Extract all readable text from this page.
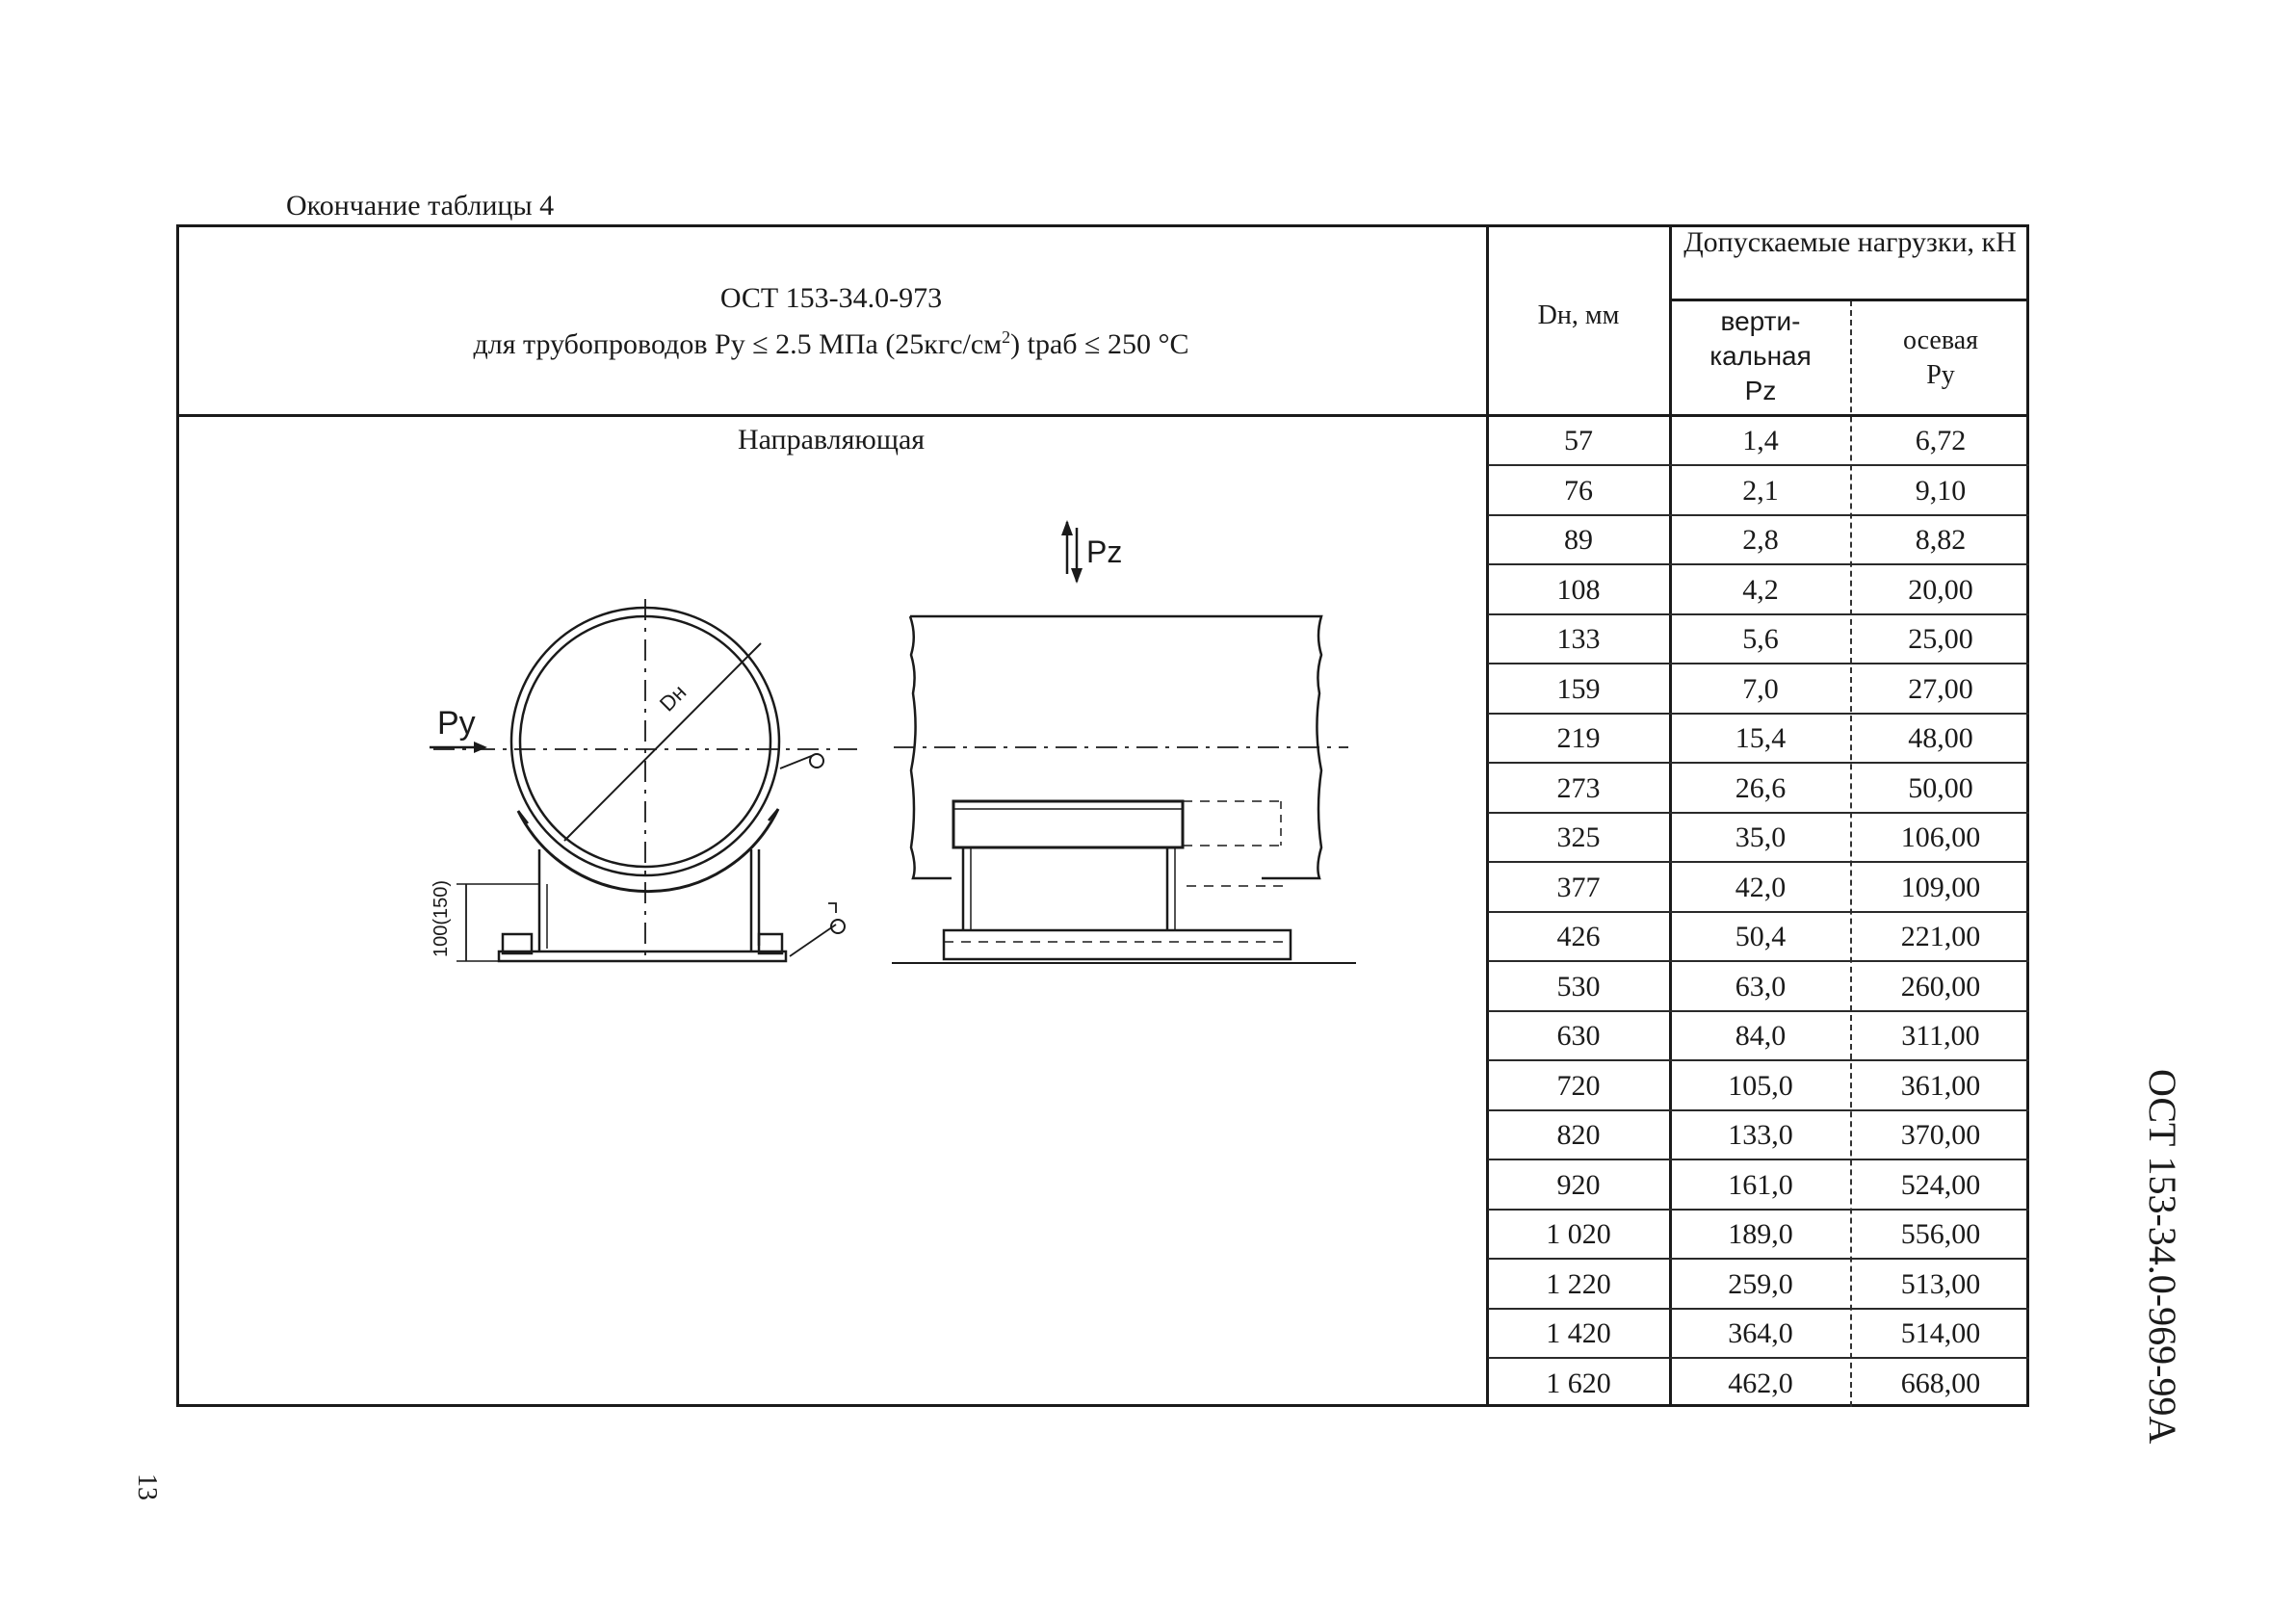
Окончание таблицы 4
ОСТ 153-34.0-973
для трубопроводов Py ≤ 2.5 МПа $(25кгс/см^2)$ tраб ≤ 250 °С
Dн, мм
Допускаемые нагрузки, кН
верти-
кальная
Pz
осевая
Py
Направляющая	57	1,4	6,72
76	2,1	9,10
89	2,8	8,82
108	4,2	20,00
133	5,6	25,00
159	7,0	27,00
219	15,4	48,00
273	26,6	50,00
325	35,0	106,00
377	42,0	109,00
426	50,4	221,00
530	63,0	260,00
630	84,0	311,00
720	105,0	361,00
820	133,0	370,00
920	161,0	524,00
1 020	189,0	556,00
1 220	259,0	513,00
1 420	364,0	514,00
1 620	462,0	668,00
Py
Pz
Dн
100(150)
ОСТ 153-34.0-969-99А
13
